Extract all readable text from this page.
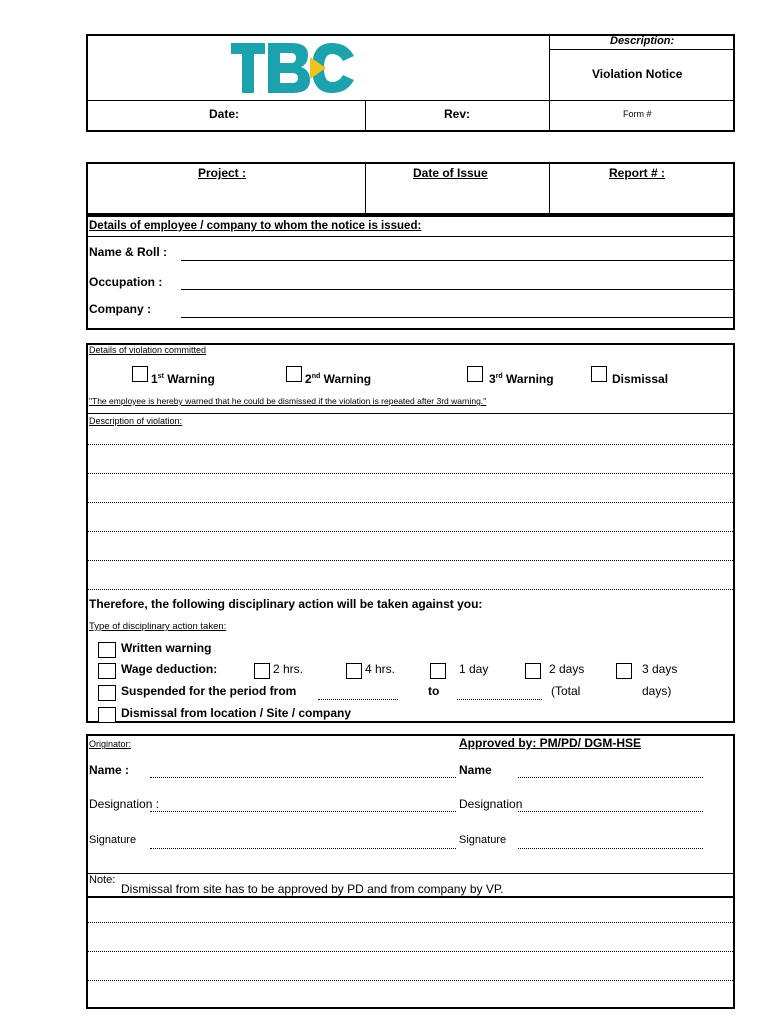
Description:
Violation Notice
Date:	Rev:	Form #
Project :	Date of Issue	Report # :
Details of employee / company to whom the notice is issued:
Name & Roll :
Occupation :
Company :
Details of violation committed
1st Warning	2nd Warning	3rd Warning	Dismissal
"The employee is hereby warned that he could be dismissed if the violation is repeated after 3rd warning."
Description of violation:
Therefore, the following disciplinary action will be taken against you:
Type of disciplinary action taken:
Written warning
Wage deduction:	2 hrs.	4 hrs.	1 day	2 days	3 days
Suspended for the period from	to	(Total	days)
Dismissal from location / Site / company
Originator:	Approved by: PM/PD/ DGM-HSE
Name :	Name
Designation :	Designation
Signature	Signature
Note:
Dismissal from site has to be approved by PD and from company by VP.
